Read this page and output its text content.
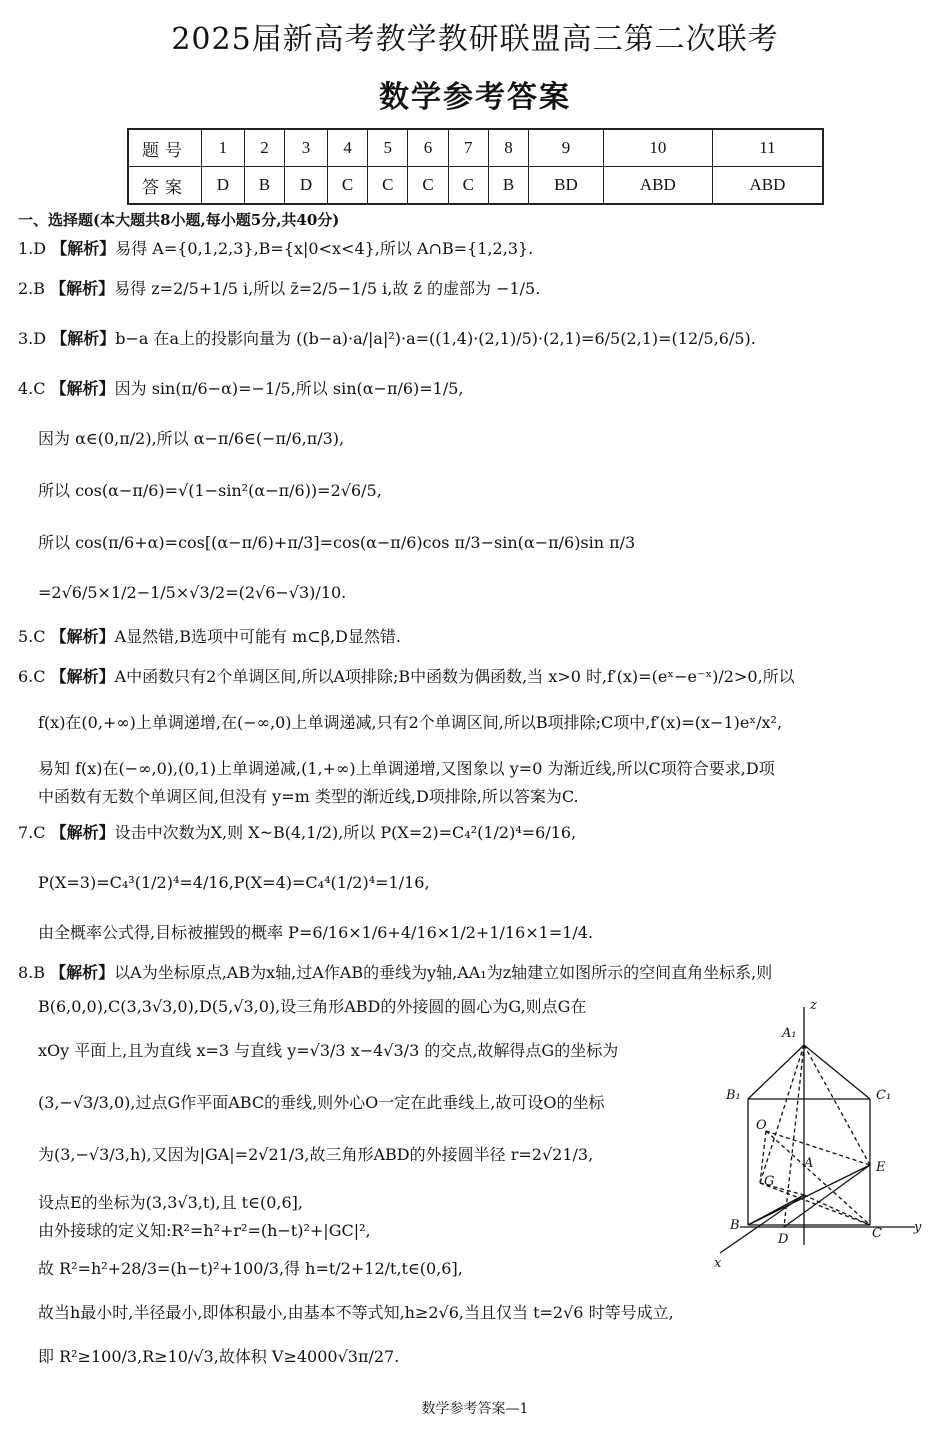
2025届新高考教学教研联盟高三第二次联考
数学参考答案
题号	1	2	3	4	5	6	7	8	9	10	11
答案	D	B	D	C	C	C	C	B	BD	ABD	ABD
一、选择题(本大题共8小题,每小题5分,共40分)
1.D 【解析】易得 A={0,1,2,3},B={x|0<x<4},所以 A∩B={1,2,3}.
2.B 【解析】易得 z=2/5+1/5 i,所以 z̄=2/5−1/5 i,故 z̄ 的虚部为 −1/5.
3.D 【解析】b−a 在a上的投影向量为 ((b−a)·a/|a|²)·a=((1,4)·(2,1)/5)·(2,1)=6/5(2,1)=(12/5,6/5).
4.C 【解析】因为 sin(π/6−α)=−1/5,所以 sin(α−π/6)=1/5,
因为 α∈(0,π/2),所以 α−π/6∈(−π/6,π/3),
所以 cos(α−π/6)=√(1−sin²(α−π/6))=2√6/5,
所以 cos(π/6+α)=cos[(α−π/6)+π/3]=cos(α−π/6)cos π/3−sin(α−π/6)sin π/3
=2√6/5×1/2−1/5×√3/2=(2√6−√3)/10.
5.C 【解析】A显然错,B选项中可能有 m⊂β,D显然错.
6.C 【解析】A中函数只有2个单调区间,所以A项排除;B中函数为偶函数,当 x>0 时,f′(x)=(eˣ−e⁻ˣ)/2>0,所以
f(x)在(0,+∞)上单调递增,在(−∞,0)上单调递减,只有2个单调区间,所以B项排除;C项中,f′(x)=(x−1)eˣ/x²,
易知 f(x)在(−∞,0),(0,1)上单调递减,(1,+∞)上单调递增,又图象以 y=0 为渐近线,所以C项符合要求,D项
中函数有无数个单调区间,但没有 y=m 类型的渐近线,D项排除,所以答案为C.
7.C 【解析】设击中次数为X,则 X~B(4,1/2),所以 P(X=2)=C₄²(1/2)⁴=6/16,
P(X=3)=C₄³(1/2)⁴=4/16,P(X=4)=C₄⁴(1/2)⁴=1/16,
由全概率公式得,目标被摧毁的概率 P=6/16×1/6+4/16×1/2+1/16×1=1/4.
8.B 【解析】以A为坐标原点,AB为x轴,过A作AB的垂线为y轴,AA₁为z轴建立如图所示的空间直角坐标系,则
B(6,0,0),C(3,3√3,0),D(5,√3,0),设三角形ABD的外接圆的圆心为G,则点G在
xOy 平面上,且为直线 x=3 与直线 y=√3/3 x−4√3/3 的交点,故解得点G的坐标为
(3,−√3/3,0),过点G作平面ABC的垂线,则外心O一定在此垂线上,故可设O的坐标
为(3,−√3/3,h),又因为|GA|=2√21/3,故三角形ABD的外接圆半径 r=2√21/3,
设点E的坐标为(3,3√3,t),且 t∈(0,6],
由外接球的定义知:R²=h²+r²=(h−t)²+|GC|²,
故 R²=h²+28/3=(h−t)²+100/3,得 h=t/2+12/t,t∈(0,6],
故当h最小时,半径最小,即体积最小,由基本不等式知,h≥2√6,当且仅当 t=2√6 时等号成立,
即 R²≥100/3,R≥10/√3,故体积 V≥4000√3π/27.
z
A₁
B₁	C₁
O
A	E
G
B
D	C y
x
数学参考答案—1
